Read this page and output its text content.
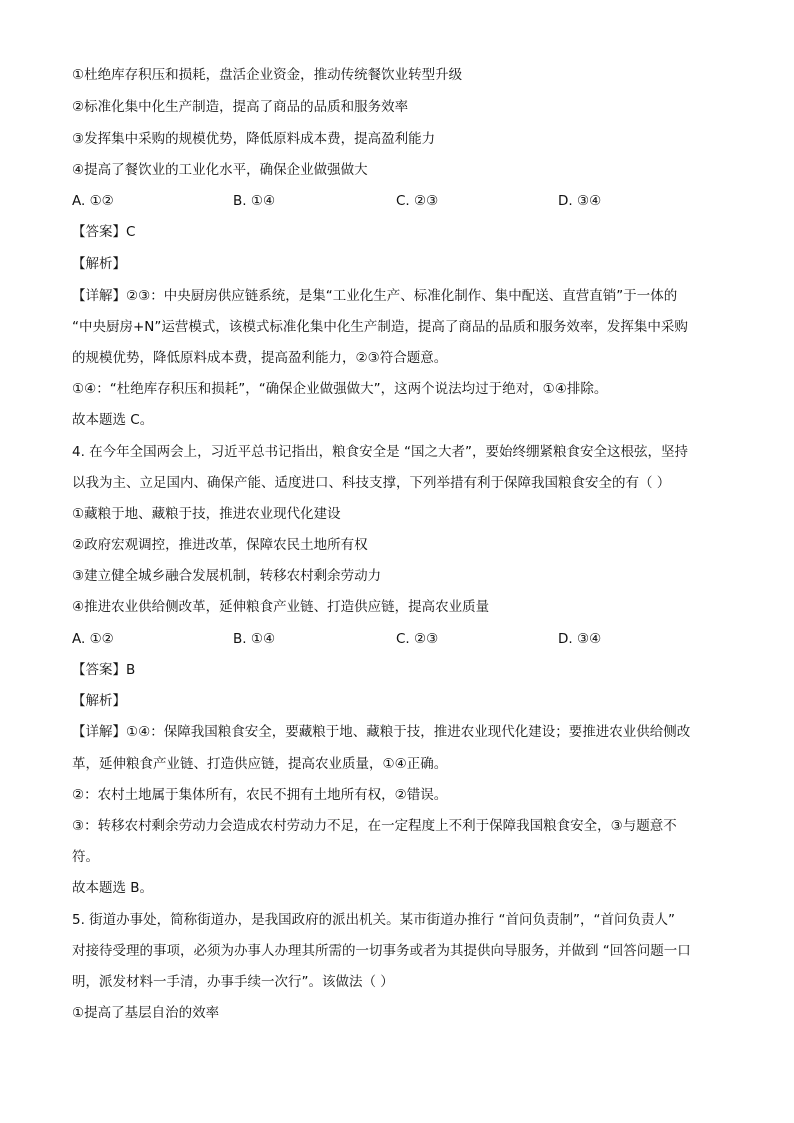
①杜绝库存积压和损耗，盘活企业资金，推动传统餐饮业转型升级
②标准化集中化生产制造，提高了商品的品质和服务效率
③发挥集中采购的规模优势，降低原料成本费，提高盈利能力
④提高了餐饮业的工业化水平，确保企业做强做大
A. ①②	B. ①④	C. ②③	D. ③④
【答案】C
【解析】
【详解】②③：中央厨房供应链系统，是集“工业化生产、标准化制作、集中配送、直营直销”于一体的
“中央厨房+N”运营模式，该模式标准化集中化生产制造，提高了商品的品质和服务效率，发挥集中采购
的规模优势，降低原料成本费，提高盈利能力，②③符合题意。
①④：“杜绝库存积压和损耗”，“确保企业做强做大”，这两个说法均过于绝对，①④排除。
故本题选 C。
4. 在今年全国两会上，习近平总书记指出，粮食安全是 “国之大者”，要始终绷紧粮食安全这根弦，坚持
以我为主、立足国内、确保产能、适度进口、科技支撑，下列举措有利于保障我国粮食安全的有（ ）
①藏粮于地、藏粮于技，推进农业现代化建设
②政府宏观调控，推进改革，保障农民土地所有权
③建立健全城乡融合发展机制，转移农村剩余劳动力
④推进农业供给侧改革，延伸粮食产业链、打造供应链，提高农业质量
A. ①②	B. ①④	C. ②③	D. ③④
【答案】B
【解析】
【详解】①④：保障我国粮食安全，要藏粮于地、藏粮于技，推进农业现代化建设；要推进农业供给侧改
革，延伸粮食产业链、打造供应链，提高农业质量，①④正确。
②：农村土地属于集体所有，农民不拥有土地所有权，②错误。
③：转移农村剩余劳动力会造成农村劳动力不足，在一定程度上不利于保障我国粮食安全，③与题意不
符。
故本题选 B。
5. 街道办事处，简称街道办，是我国政府的派出机关。某市街道办推行 “首问负责制”，“首问负责人”
对接待受理的事项，必须为办事人办理其所需的一切事务或者为其提供向导服务，并做到 “回答问题一口
明，派发材料一手清，办事手续一次行”。该做法（ ）
①提高了基层自治的效率
